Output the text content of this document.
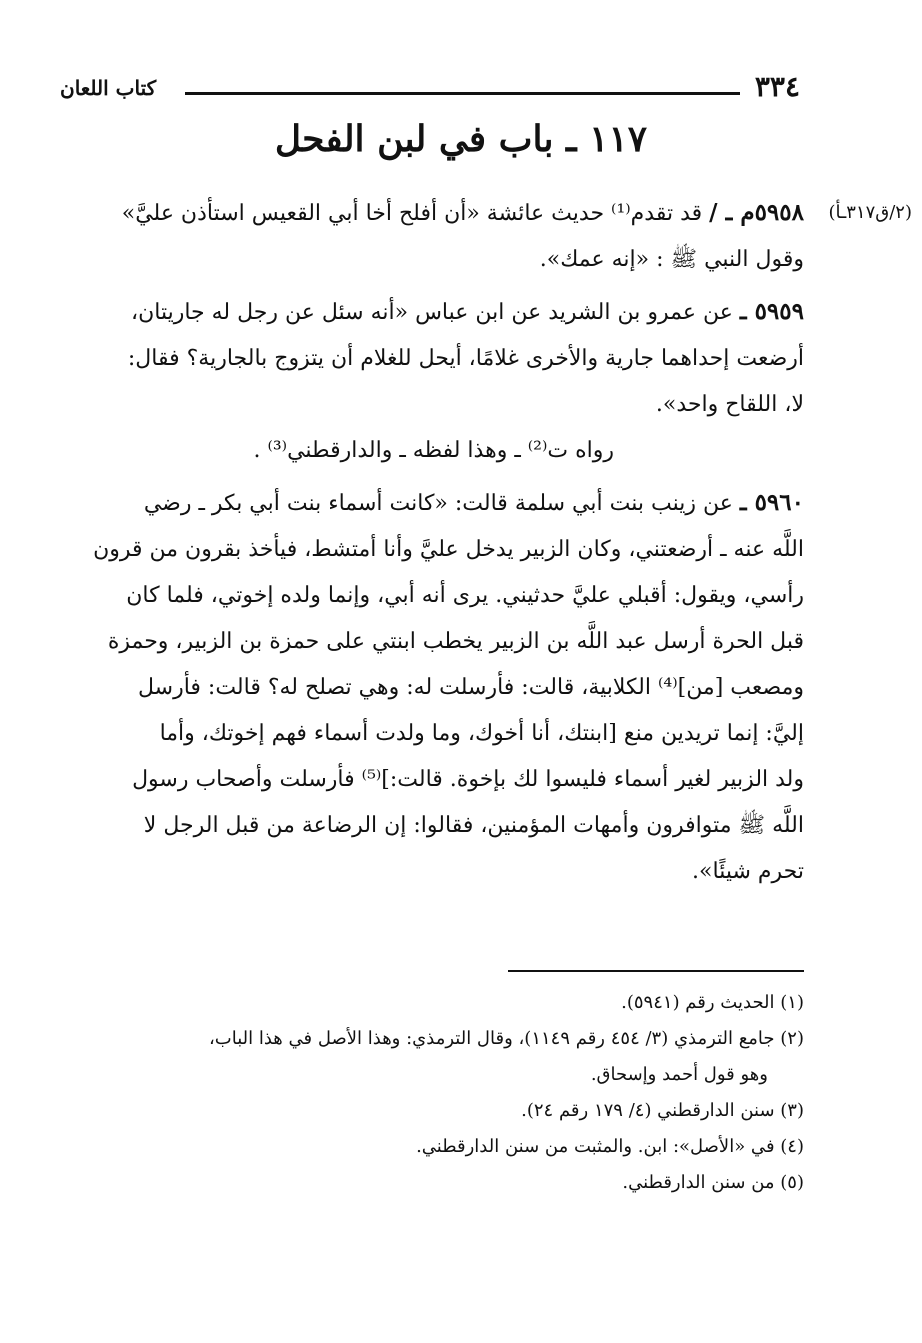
٣٣٤
كتاب اللعان
١١٧ ـ باب في لبن الفحل
(٢/ق٣١٧ـأ)
٥٩٥٨م ـ / قد تقدم⁽¹⁾ حديث عائشة «أن أفلح أخا أبي القعيس استأذن عليَّ»
وقول النبي ﷺ : «إنه عمك».
٥٩٥٩ ـ عن عمرو بن الشريد عن ابن عباس «أنه سئل عن رجل له جاريتان،
أرضعت إحداهما جارية والأخرى غلامًا، أيحل للغلام أن يتزوج بالجارية؟ فقال:
لا، اللقاح واحد».
رواه ت⁽²⁾ ـ وهذا لفظه ـ والدارقطني⁽³⁾ .
٥٩٦٠ ـ عن زينب بنت أبي سلمة قالت: «كانت أسماء بنت أبي بكر ـ رضي
اللَّه عنه ـ أرضعتني، وكان الزبير يدخل عليَّ وأنا أمتشط، فيأخذ بقرون من قرون
رأسي، ويقول: أقبلي عليَّ حدثيني. يرى أنه أبي، وإنما ولده إخوتي، فلما كان
قبل الحرة أرسل عبد اللَّه بن الزبير يخطب ابنتي على حمزة بن الزبير، وحمزة
ومصعب [من]⁽⁴⁾ الكلابية، قالت: فأرسلت له: وهي تصلح له؟ قالت: فأرسل
إليَّ: إنما تريدين منع [ابنتك، أنا أخوك، وما ولدت أسماء فهم إخوتك، وأما
ولد الزبير لغير أسماء فليسوا لك بإخوة. قالت:]⁽⁵⁾ فأرسلت وأصحاب رسول
اللَّه ﷺ متوافرون وأمهات المؤمنين، فقالوا: إن الرضاعة من قبل الرجل لا
تحرم شيئًا».
(١) الحديث رقم (٥٩٤١).
(٢) جامع الترمذي (٣/ ٤٥٤ رقم ١١٤٩)، وقال الترمذي: وهذا الأصل في هذا الباب،
وهو قول أحمد وإسحاق.
(٣) سنن الدارقطني (٤/ ١٧٩ رقم ٢٤).
(٤) في «الأصل»: ابن. والمثبت من سنن الدارقطني.
(٥) من سنن الدارقطني.
